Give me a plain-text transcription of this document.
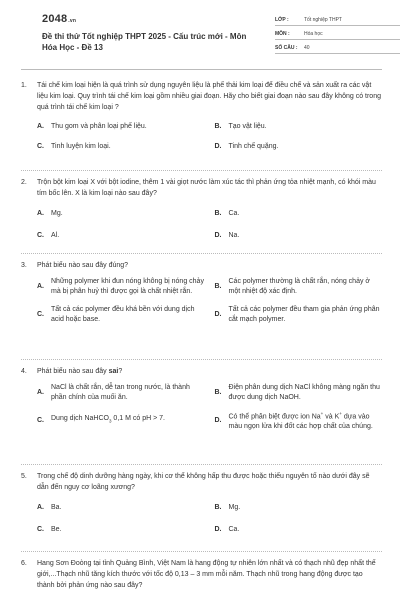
2048.vn
Đề thi thử Tốt nghiệp THPT 2025 - Cấu trúc mới - Môn Hóa Học - Đề 13
LỚP :	Tốt nghiệp THPT
MÔN :	Hóa học
SỐ CÂU :	40
1.	Tái chế kim loại hiện là quá trình sử dụng nguyên liệu là phế thải kim loại để điều chế và sản xuất ra các vật liệu kim loại. Quy trình tái chế kim loại gồm nhiều giai đoạn. Hãy cho biết giai đoạn nào sau đây không có trong quá trình tái chế kim loại ?
A.	Thu gom và phân loại phế liệu.	B.	Tạo vật liệu.
C.	Tinh luyện kim loại.	D.	Tinh chế quặng.
2.	Trộn bột kim loại X với bột iodine, thêm 1 vài giọt nước làm xúc tác thì phản ứng tỏa nhiệt mạnh, có khói màu tím bốc lên. X là kim loại nào sau đây?
A.	Mg.	B.	Ca.
C.	Al.	D.	Na.
3.	Phát biểu nào sau đây đúng?
A.
Những polymer khi đun nóng không bị nóng chảy mà bị phân huỷ thì được gọi là chất nhiệt rắn.
B.
Các polymer thường là chất rắn, nóng chảy ở một nhiệt độ xác định.
C.
Tất cả các polymer đều khá bền với dung dịch acid hoặc base.
D.
Tất cả các polymer đều tham gia phản ứng phân cắt mạch polymer.
4.	Phát biểu nào sau đây sai?
A.
NaCl là chất rắn, dễ tan trong nước, là thành phần chính của muối ăn.
B.
Điện phân dung dịch NaCl không màng ngăn thu được dung dịch NaOH.
C.	Dung dịch NaHCO$_3$ 0,1 M có pH > 7.	D.	Có thể phân biệt được ion Na+ và K+ dựa vào màu ngọn lửa khi đốt các hợp chất của chúng.
5.	Trong chế độ dinh dưỡng hàng ngày, khi cơ thể không hấp thu được hoặc thiếu nguyên tố nào dưới đây sẽ dẫn đến nguy cơ loãng xương?
A.	Ba.	B.	Mg.
C.	Be.	D.	Ca.
6.	Hang Sơn Đoòng tại tỉnh Quảng Bình, Việt Nam là hang động tự nhiên lớn nhất và có thạch nhũ đẹp nhất thế giới,...Thạch nhũ tăng kích thước với tốc độ 0,13 – 3 mm mỗi năm. Thạch nhũ trong hang động được tạo thành bởi phản ứng nào sau đây?
